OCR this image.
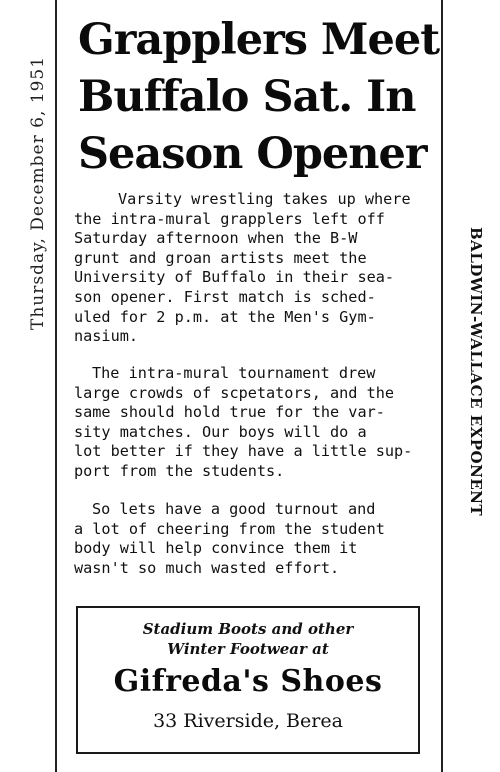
Thursday, December 6, 1951
BALDWIN-WALLACE EXPONENT
Grapplers Meet
Buffalo Sat. In
Season Opener
Varsity wrestling takes up where
the intra-mural grapplers left off
Saturday afternoon when the B-W
grunt and groan artists meet the
University of Buffalo in their sea-
son opener. First match is sched-
uled for 2 p.m. at the Men's Gym-
nasium.
The intra-mural tournament drew
large crowds of scpetators, and the
same should hold true for the var-
sity matches. Our boys will do a
lot better if they have a little sup-
port from the students.
So lets have a good turnout and
a lot of cheering from the student
body will help convince them it
wasn't so much wasted effort.
Stadium Boots and other
Winter Footwear at
Gifreda's Shoes
33 Riverside, Berea
